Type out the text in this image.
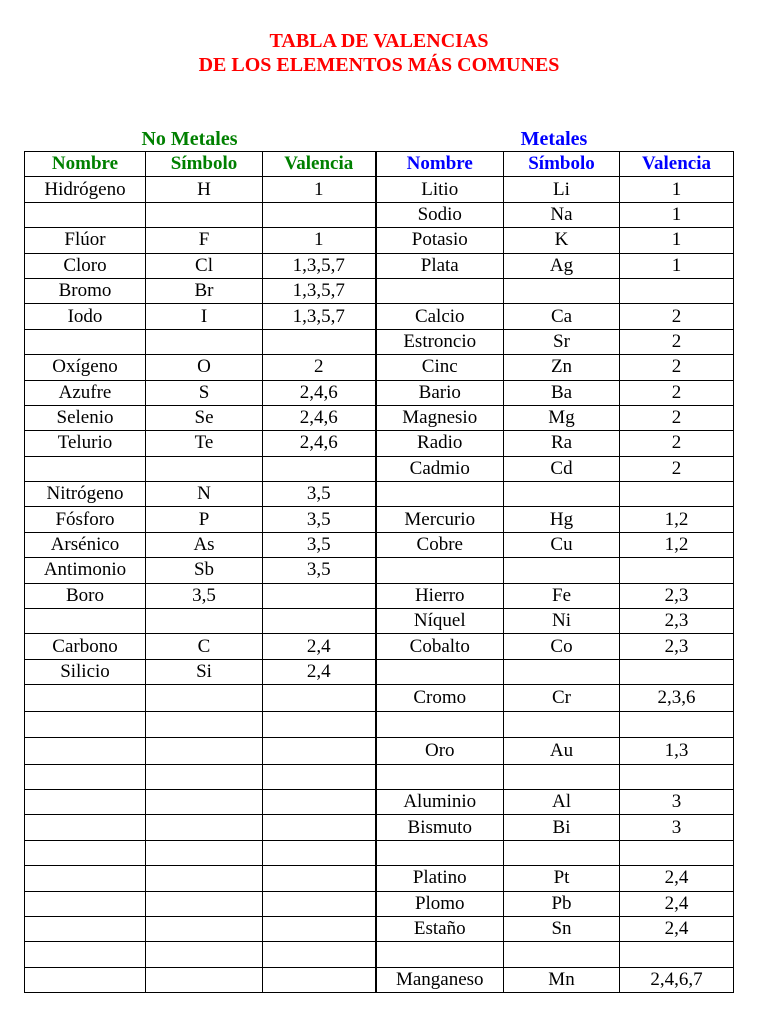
TABLA DE VALENCIAS
DE LOS ELEMENTOS MÁS COMUNES
No Metales	Metales
Nombre	Símbolo	Valencia	Nombre	Símbolo	Valencia
Hidrógeno	H	1	Litio	Li	1
			Sodio	Na	1
Flúor	F	1	Potasio	K	1
Cloro	Cl	1,3,5,7	Plata	Ag	1
Bromo	Br	1,3,5,7			
Iodo	I	1,3,5,7	Calcio	Ca	2
			Estroncio	Sr	2
Oxígeno	O	2	Cinc	Zn	2
Azufre	S	2,4,6	Bario	Ba	2
Selenio	Se	2,4,6	Magnesio	Mg	2
Telurio	Te	2,4,6	Radio	Ra	2
			Cadmio	Cd	2
Nitrógeno	N	3,5			
Fósforo	P	3,5	Mercurio	Hg	1,2
Arsénico	As	3,5	Cobre	Cu	1,2
Antimonio	Sb	3,5			
Boro	3,5		Hierro	Fe	2,3
			Níquel	Ni	2,3
Carbono	C	2,4	Cobalto	Co	2,3
Silicio	Si	2,4			
			Cromo	Cr	2,3,6

			Oro	Au	1,3

			Aluminio	Al	3
			Bismuto	Bi	3

			Platino	Pt	2,4
			Plomo	Pb	2,4
			Estaño	Sn	2,4

			Manganeso	Mn	2,4,6,7
